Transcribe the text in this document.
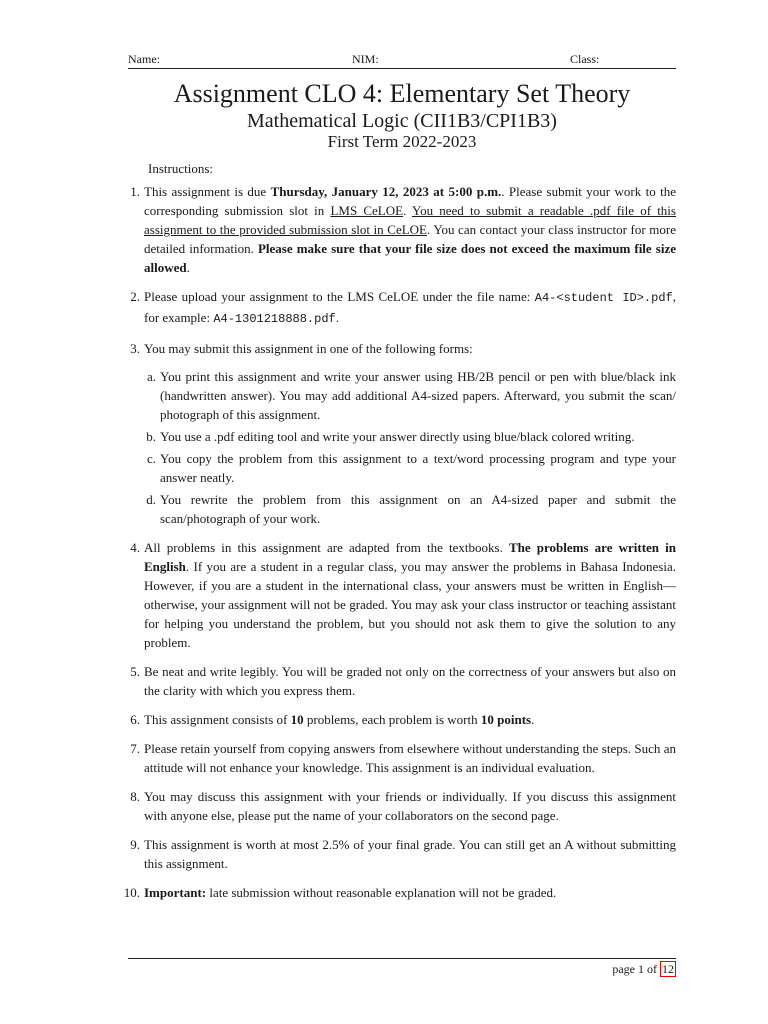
Name:	NIM:	Class:
Assignment CLO 4: Elementary Set Theory
Mathematical Logic (CII1B3/CPI1B3)
First Term 2022-2023
Instructions:
1. This assignment is due Thursday, January 12, 2023 at 5:00 p.m.. Please submit your work to the corresponding submission slot in LMS CeLOE. You need to submit a readable .pdf file of this assignment to the provided submission slot in CeLOE. You can contact your class instructor for more detailed information. Please make sure that your file size does not exceed the maximum file size allowed.
2. Please upload your assignment to the LMS CeLOE under the file name: A4-<student ID>.pdf, for example: A4-1301218888.pdf.
3. You may submit this assignment in one of the following forms:
a. You print this assignment and write your answer using HB/2B pencil or pen with blue/black ink (handwritten answer). You may add additional A4-sized papers. Afterward, you submit the scan/ photograph of this assignment.
b. You use a .pdf editing tool and write your answer directly using blue/black colored writing.
c. You copy the problem from this assignment to a text/word processing program and type your answer neatly.
d. You rewrite the problem from this assignment on an A4-sized paper and submit the scan/photograph of your work.
4. All problems in this assignment are adapted from the textbooks. The problems are written in English. If you are a student in a regular class, you may answer the problems in Bahasa Indonesia. However, if you are a student in the international class, your answers must be written in English—otherwise, your assignment will not be graded. You may ask your class instructor or teaching assistant for helping you understand the problem, but you should not ask them to give the solution to any problem.
5. Be neat and write legibly. You will be graded not only on the correctness of your answers but also on the clarity with which you express them.
6. This assignment consists of 10 problems, each problem is worth 10 points.
7. Please retain yourself from copying answers from elsewhere without understanding the steps. Such an attitude will not enhance your knowledge. This assignment is an individual evaluation.
8. You may discuss this assignment with your friends or individually. If you discuss this assignment with anyone else, please put the name of your collaborators on the second page.
9. This assignment is worth at most 2.5% of your final grade. You can still get an A without submitting this assignment.
10. Important: late submission without reasonable explanation will not be graded.
page 1 of 12
